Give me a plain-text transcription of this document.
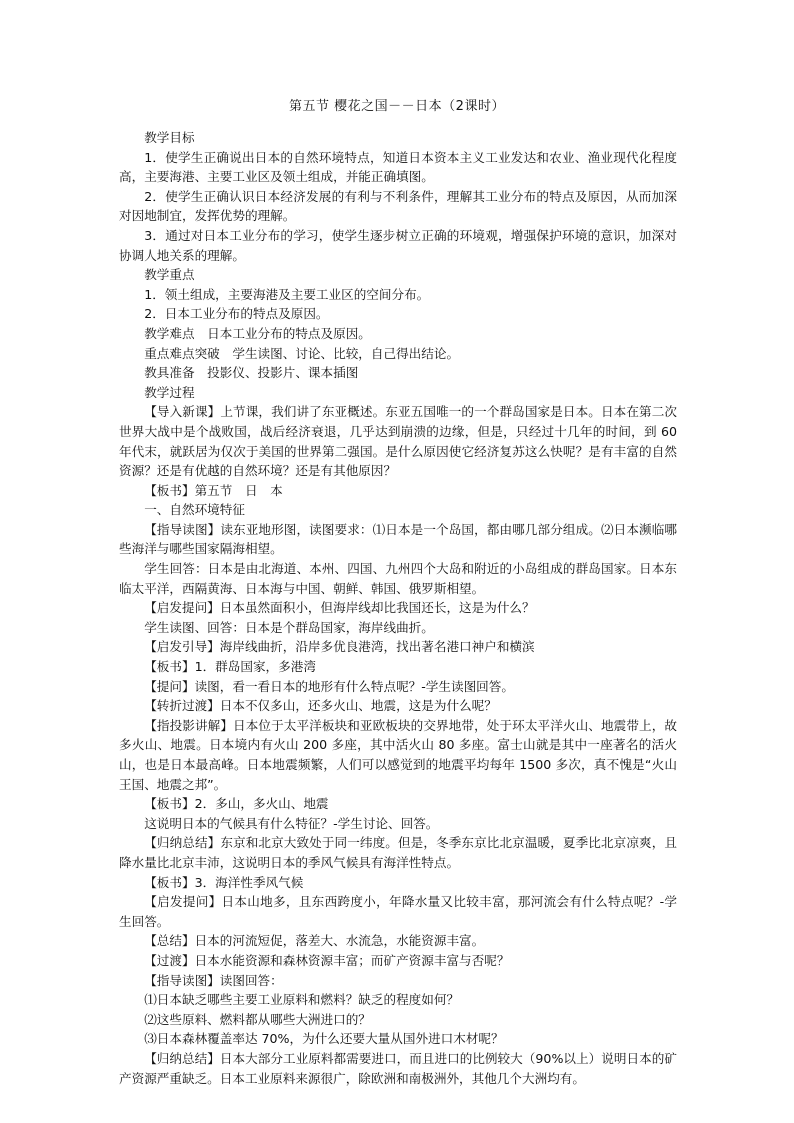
第五节 樱花之国－－日本（2课时）

教学目标

1．使学生正确说出日本的自然环境特点，知道日本资本主义工业发达和农业、渔业现代化程度高，主要海港、主要工业区及领土组成，并能正确填图。

2．使学生正确认识日本经济发展的有利与不利条件，理解其工业分布的特点及原因，从而加深对因地制宜，发挥优势的理解。

3．通过对日本工业分布的学习，使学生逐步树立正确的环境观，增强保护环境的意识，加深对协调人地关系的理解。

教学重点

1．领土组成，主要海港及主要工业区的空间分布。

2．日本工业分布的特点及原因。

教学难点　日本工业分布的特点及原因。

重点难点突破　学生读图、讨论、比较，自己得出结论。

教具准备　投影仪、投影片、课本插图

教学过程

【导入新课】上节课，我们讲了东亚概述。东亚五国唯一的一个群岛国家是日本。日本在第二次世界大战中是个战败国，战后经济衰退，几乎达到崩溃的边缘，但是，只经过十几年的时间，到 60 年代末，就跃居为仅次于美国的世界第二强国。是什么原因使它经济复苏这么快呢？是有丰富的自然资源？还是有优越的自然环境？还是有其他原因？

【板书】第五节　日　本

一、自然环境特征

【指导读图】读东亚地形图，读图要求：⑴日本是一个岛国，都由哪几部分组成。⑵日本濒临哪些海洋与哪些国家隔海相望。

学生回答：日本是由北海道、本州、四国、九州四个大岛和附近的小岛组成的群岛国家。日本东临太平洋，西隔黄海、日本海与中国、朝鲜、韩国、俄罗斯相望。

【启发提问】日本虽然面积小，但海岸线却比我国还长，这是为什么？

学生读图、回答：日本是个群岛国家，海岸线曲折。

【启发引导】海岸线曲折，沿岸多优良港湾，找出著名港口神户和横滨

【板书】1．群岛国家，多港湾

【提问】读图，看一看日本的地形有什么特点呢？-学生读图回答。

【转折过渡】日本不仅多山，还多火山、地震，这是为什么呢？

【指投影讲解】日本位于太平洋板块和亚欧板块的交界地带，处于环太平洋火山、地震带上，故多火山、地震。日本境内有火山 200 多座，其中活火山 80 多座。富士山就是其中一座著名的活火山，也是日本最高峰。日本地震频繁，人们可以感觉到的地震平均每年 1500 多次，真不愧是“火山王国、地震之邦”。

【板书】2．多山，多火山、地震

这说明日本的气候具有什么特征？-学生讨论、回答。

【归纳总结】东京和北京大致处于同一纬度。但是，冬季东京比北京温暖，夏季比北京凉爽，且降水量比北京丰沛，这说明日本的季风气候具有海洋性特点。

【板书】3．海洋性季风气候

【启发提问】日本山地多，且东西跨度小，年降水量又比较丰富，那河流会有什么特点呢？-学生回答。

【总结】日本的河流短促，落差大、水流急，水能资源丰富。

【过渡】日本水能资源和森林资源丰富；而矿产资源丰富与否呢？

【指导读图】读图回答：

⑴日本缺乏哪些主要工业原料和燃料？缺乏的程度如何？

⑵这些原料、燃料都从哪些大洲进口的？

⑶日本森林覆盖率达 70%，为什么还要大量从国外进口木材呢？

【归纳总结】日本大部分工业原料都需要进口，而且进口的比例较大（90%以上）说明日本的矿产资源严重缺乏。日本工业原料来源很广，除欧洲和南极洲外，其他几个大洲均有。
